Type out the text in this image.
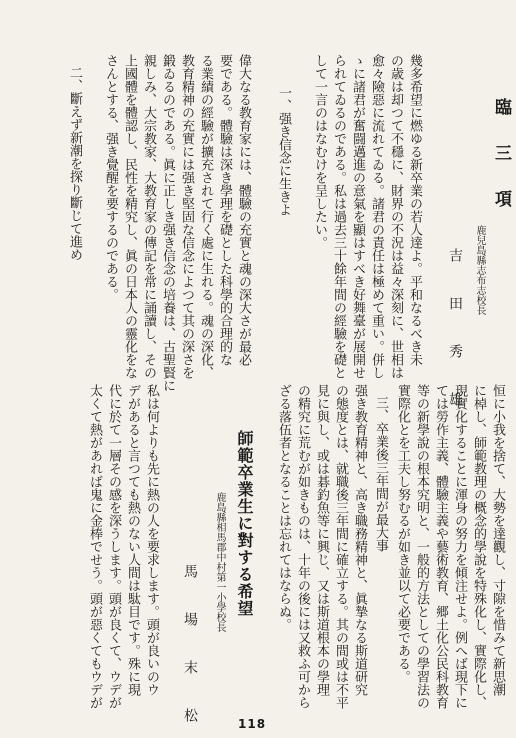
臨　三　項
鹿兒島縣志布志校長
吉　田　秀　雄
幾多希望に燃ゆる新卒業の若人達よ。平和なるべき未
の歳は却つて不穩に、財界の不況は益々深刻に、世相は
愈々險惡に流れてゐる。諸君の責任は極めて重い。併し
ゝに諸君が奮闘邁進の意氣を顯はすべき好舞臺が展開せ
られてゐるのである。私は過去三十餘年間の經驗を礎と
して一言のはなむけを呈したい。
一、强き信念に生きよ
偉大なる教育家には、體驗の充實と魂の深大さが最必
要である。體驗は深き學理を礎とした科學的合理的な
る業績の經驗が擴充されて行く處に生れる。魂の深化、
教育精神の充實には强き堅固な信念によつて其の深さを
鍛ゐるのである。眞に正しき强き信念の培養は、古聖賢に
親しみ、大宗教家、大教育家の傳記を常に誦讀し、その
上國體を體認し、民性を精究し、眞の日本人の靈化をな
さんとする、强き覺醒を要するのである。
二、斷えず新潮を探り斷じて進め
恒に小我を捨て、大勢を達觀し、寸隙を惜みて新思潮
に棹し、師範教理の概念的學說を特殊化し、實際化し、
現實化することに渾身の努力を傾注せよ。例へば現下に
ては勞作主義、體驗主義や藝術教育、郷土化公民科教育
等の新學說の根本究明と、一般的方法としての學習法の
實際化とを工夫し努むるが如き並以て必要である。
三、卒業後三年間が最大事
强き教育精神と、高き職務精神と、眞摯なる斯道研究
の態度とは、就職後三年間に確立する。其の間或は不平
見に與し、或は碁釣魚等に興じ、又は斯道根本の學理
の精究に荒むが如きものは、十年の後には又救ふ可から
ざる落伍者となることは忘れてはならぬ。
師範卒業生に對する希望
鹿島縣相馬郡中村第一小學校長
馬　場　末　松
私は何よりも先に熱の人を要求します。頭が良いのウ
デがあると言つても熱のない人間は駄目です。殊に現
代に於て一層その感を深うします。頭が良くて、ウデが
太くて熱があれば鬼に金棒でせう。頭が惡くてもウデが
118
